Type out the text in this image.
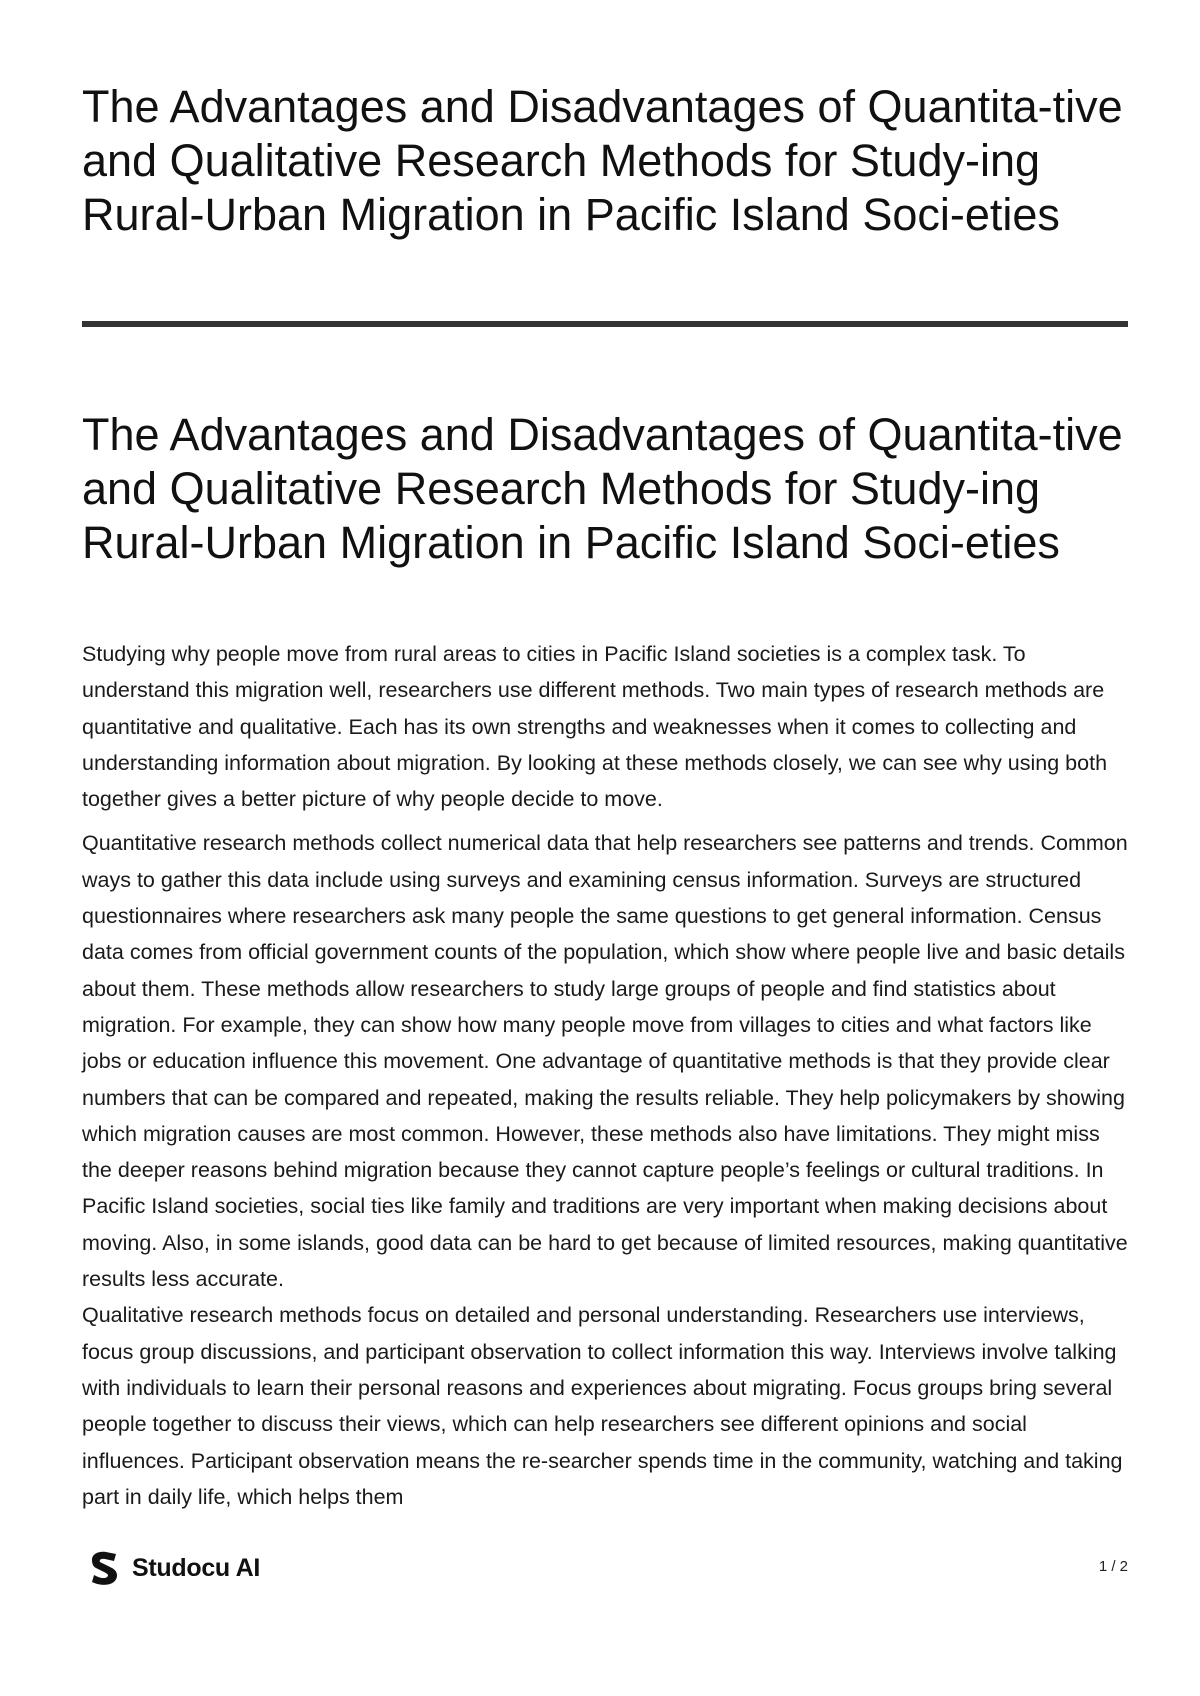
The Advantages and Disadvantages of Quantita-tive and Qualitative Research Methods for Study-ing Rural-Urban Migration in Pacific Island Soci-eties
The Advantages and Disadvantages of Quantita-tive and Qualitative Research Methods for Study-ing Rural-Urban Migration in Pacific Island Soci-eties

Studying why people move from rural areas to cities in Pacific Island societies is a complex task. To understand this migration well, researchers use different methods. Two main types of research methods are quantitative and qualitative. Each has its own strengths and weaknesses when it comes to collecting and understanding information about migration. By looking at these methods closely, we can see why using both together gives a better picture of why people decide to move.

Quantitative research methods collect numerical data that help researchers see patterns and trends. Common ways to gather this data include using surveys and examining census information. Surveys are structured questionnaires where researchers ask many people the same questions to get general information. Census data comes from official government counts of the population, which show where people live and basic details about them. These methods allow researchers to study large groups of people and find statistics about migration. For example, they can show how many people move from villages to cities and what factors like jobs or education influence this movement. One advantage of quantitative methods is that they provide clear numbers that can be compared and repeated, making the results reliable. They help policymakers by showing which migration causes are most common. However, these methods also have limitations. They might miss the deeper reasons behind migration because they cannot capture people’s feelings or cultural traditions. In Pacific Island societies, social ties like family and traditions are very important when making decisions about moving. Also, in some islands, good data can be hard to get because of limited resources, making quantitative results less accurate.

Qualitative research methods focus on detailed and personal understanding. Researchers use interviews, focus group discussions, and participant observation to collect information this way. Interviews involve talking with individuals to learn their personal reasons and experiences about migrating. Focus groups bring several people together to discuss their views, which can help researchers see different opinions and social influences. Participant observation means the re-searcher spends time in the community, watching and taking part in daily life, which helps them

Studocu AI	1 / 2
